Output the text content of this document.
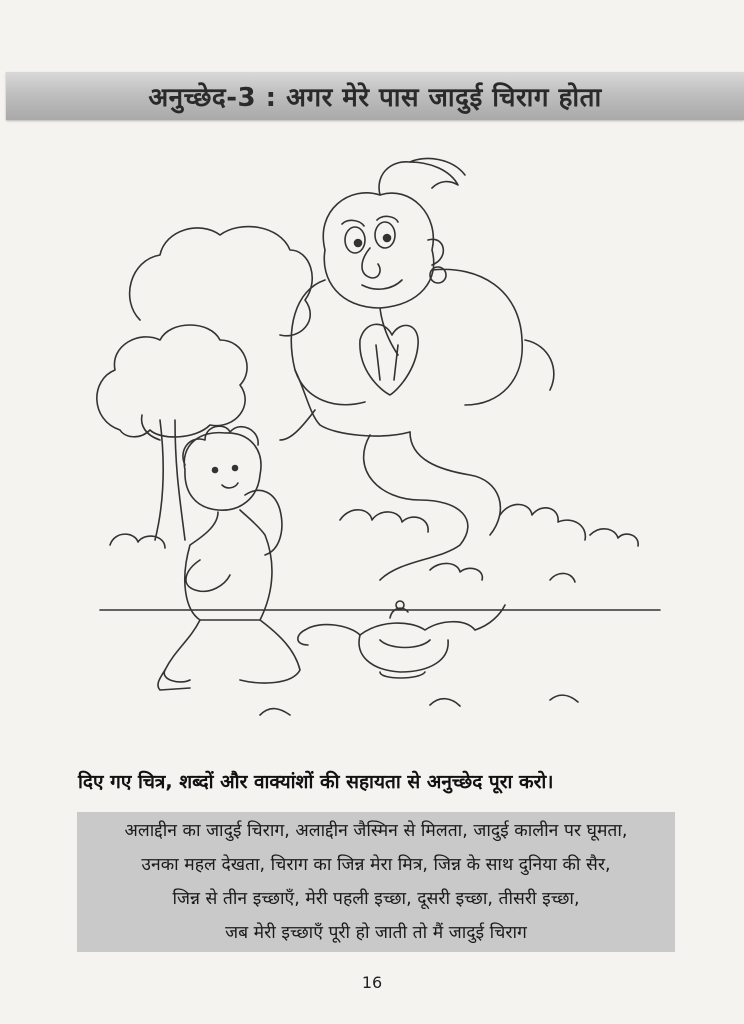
अनुच्छेद-3 : अगर मेरे पास जादुई चिराग होता
दिए गए चित्र, शब्दों और वाक्यांशों की सहायता से अनुच्छेद पूरा करो।
अलाद्दीन का जादुई चिराग, अलाद्दीन जैस्मिन से मिलता, जादुई कालीन पर घूमता,
उनका महल देखता, चिराग का जिन्न मेरा मित्र, जिन्न के साथ दुनिया की सैर,
जिन्न से तीन इच्छाएँ, मेरी पहली इच्छा, दूसरी इच्छा, तीसरी इच्छा,
जब मेरी इच्छाएँ पूरी हो जाती तो मैं जादुई चिराग
16
